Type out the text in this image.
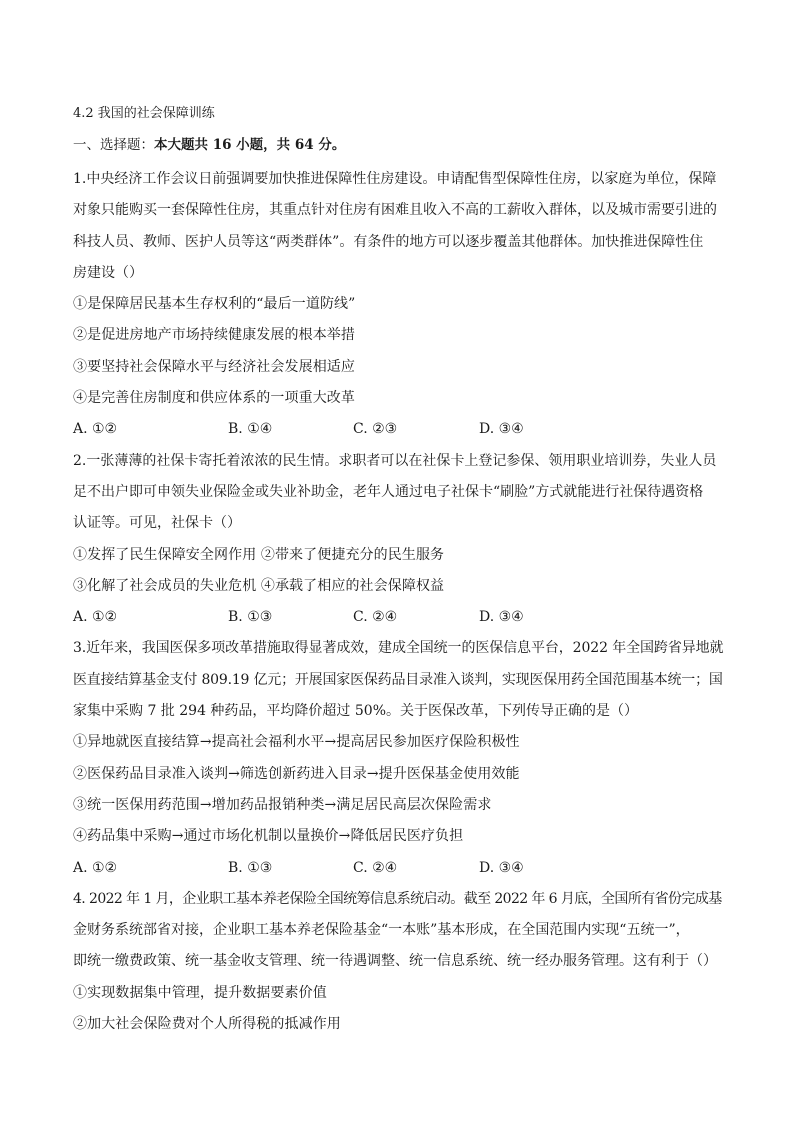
4.2 我国的社会保障训练
一、选择题：本大题共 16 小题，共 64 分。
1.中央经济工作会议日前强调要加快推进保障性住房建设。申请配售型保障性住房，以家庭为单位，保障
对象只能购买一套保障性住房，其重点针对住房有困难且收入不高的工薪收入群体，以及城市需要引进的
科技人员、教师、医护人员等这“两类群体”。有条件的地方可以逐步覆盖其他群体。加快推进保障性住
房建设（）
①是保障居民基本生存权利的“最后一道防线”
②是促进房地产市场持续健康发展的根本举措
③要坚持社会保障水平与经济社会发展相适应
④是完善住房制度和供应体系的一项重大改革
A. ①②	B. ①④	C. ②③	D. ③④
2.一张薄薄的社保卡寄托着浓浓的民生情。求职者可以在社保卡上登记参保、领用职业培训券，失业人员
足不出户即可申领失业保险金或失业补助金，老年人通过电子社保卡“刷脸”方式就能进行社保待遇资格
认证等。可见，社保卡（）
①发挥了民生保障安全网作用 ②带来了便捷充分的民生服务
③化解了社会成员的失业危机 ④承载了相应的社会保障权益
A. ①②	B. ①③	C. ②④	D. ③④
3.近年来，我国医保多项改革措施取得显著成效，建成全国统一的医保信息平台，2022 年全国跨省异地就
医直接结算基金支付 809.19 亿元；开展国家医保药品目录准入谈判，实现医保用药全国范围基本统一；国
家集中采购 7 批 294 种药品，平均降价超过 50%。关于医保改革，下列传导正确的是（）
①异地就医直接结算→提高社会福利水平→提高居民参加医疗保险积极性
②医保药品目录准入谈判→筛选创新药进入目录→提升医保基金使用效能
③统一医保用药范围→增加药品报销种类→满足居民高层次保险需求
④药品集中采购→通过市场化机制以量换价→降低居民医疗负担
A. ①②	B. ①③	C. ②④	D. ③④
4. 2022 年 1 月，企业职工基本养老保险全国统筹信息系统启动。截至 2022 年 6 月底，全国所有省份完成基
金财务系统部省对接，企业职工基本养老保险基金“一本账”基本形成，在全国范围内实现“五统一”，
即统一缴费政策、统一基金收支管理、统一待遇调整、统一信息系统、统一经办服务管理。这有利于（）
①实现数据集中管理，提升数据要素价值
②加大社会保险费对个人所得税的抵减作用
